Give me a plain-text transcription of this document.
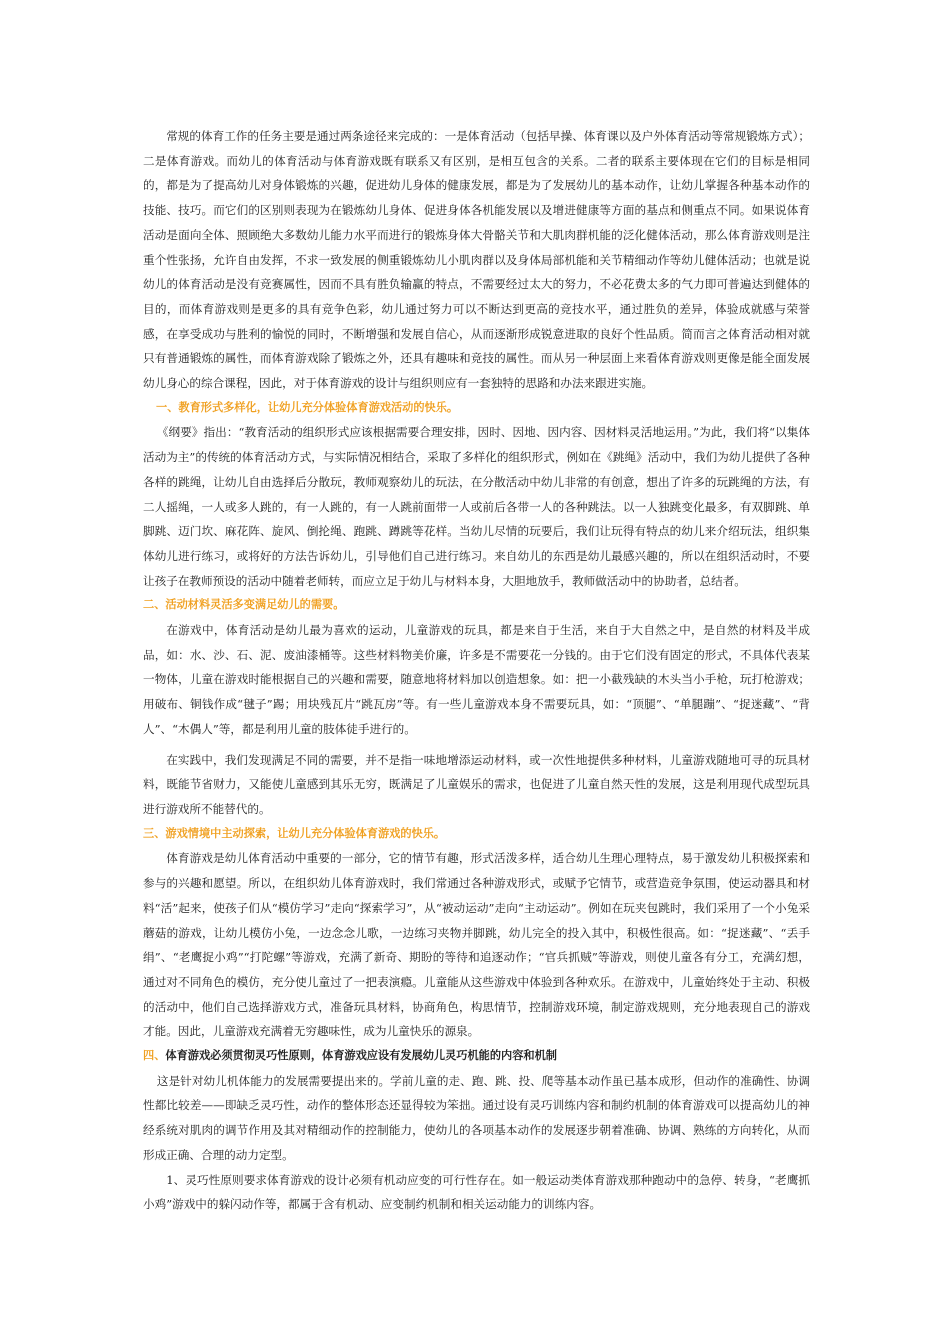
常规的体育工作的任务主要是通过两条途径来完成的：一是体育活动（包括早操、体育课以及户外体育活动等常规锻炼方式）；二是体育游戏。而幼儿的体育活动与体育游戏既有联系又有区别，是相互包含的关系。二者的联系主要体现在它们的目标是相同的，都是为了提高幼儿对身体锻炼的兴趣，促进幼儿身体的健康发展，都是为了发展幼儿的基本动作，让幼儿掌握各种基本动作的技能、技巧。而它们的区别则表现为在锻炼幼儿身体、促进身体各机能发展以及增进健康等方面的基点和侧重点不同。如果说体育活动是面向全体、照顾绝大多数幼儿能力水平而进行的锻炼身体大骨骼关节和大肌肉群机能的泛化健体活动，那么体育游戏则是注重个性张扬，允许自由发挥，不求一致发展的侧重锻炼幼儿小肌肉群以及身体局部机能和关节精细动作等幼儿健体活动；也就是说幼儿的体育活动是没有竞赛属性，因而不具有胜负输赢的特点，不需要经过太大的努力，不必花费太多的气力即可普遍达到健体的目的，而体育游戏则是更多的具有竞争色彩，幼儿通过努力可以不断达到更高的竞技水平，通过胜负的差异，体验成就感与荣誉感，在享受成功与胜利的愉悦的同时，不断增强和发展自信心，从而逐渐形成锐意进取的良好个性品质。简而言之体育活动相对就只有普通锻炼的属性，而体育游戏除了锻炼之外，还具有趣味和竞技的属性。而从另一种层面上来看体育游戏则更像是能全面发展幼儿身心的综合课程，因此，对于体育游戏的设计与组织则应有一套独特的思路和办法来跟进实施。

一、教育形式多样化，让幼儿充分体验体育游戏活动的快乐。

《纲要》指出：“教育活动的组织形式应该根据需要合理安排，因时、因地、因内容、因材料灵活地运用。”为此，我们将“以集体活动为主”的传统的体育活动方式，与实际情况相结合，采取了多样化的组织形式，例如在《跳绳》活动中，我们为幼儿提供了各种各样的跳绳，让幼儿自由选择后分散玩，教师观察幼儿的玩法，在分散活动中幼儿非常的有创意，想出了许多的玩跳绳的方法，有二人摇绳，一人或多人跳的，有一人跳的，有一人跳前面带一人或前后各带一人的各种跳法。以一人独跳变化最多，有双脚跳、单脚跳、迈门坎、麻花阵、旋风、倒抡绳、跑跳、蹲跳等花样。当幼儿尽情的玩要后，我们让玩得有特点的幼儿来介绍玩法，组织集体幼儿进行练习，或将好的方法告诉幼儿，引导他们自己进行练习。来自幼儿的东西是幼儿最感兴趣的，所以在组织活动时，不要让孩子在教师预设的活动中随着老师转，而应立足于幼儿与材料本身，大胆地放手，教师做活动中的协助者，总结者。

二、活动材料灵活多变满足幼儿的需要。

在游戏中，体育活动是幼儿最为喜欢的运动，儿童游戏的玩具，都是来自于生活，来自于大自然之中，是自然的材料及半成品，如：水、沙、石、泥、废油漆桶等。这些材料物美价廉，许多是不需要花一分钱的。由于它们没有固定的形式，不具体代表某一物体，儿童在游戏时能根据自己的兴趣和需要，随意地将材料加以创造想象。如：把一小截残缺的木头当小手枪，玩打枪游戏；用破布、铜钱作成“毽子”踢；用块残瓦片“跳瓦房”等。有一些儿童游戏本身不需要玩具，如：“顶腿”、“单腿蹦”、“捉迷藏”、“背人”、“木偶人”等，都是利用儿童的肢体徒手进行的。

在实践中，我们发现满足不同的需要，并不是指一味地增添运动材料，或一次性地提供多种材料，儿童游戏随地可寻的玩具材料，既能节省财力，又能使儿童感到其乐无穷，既满足了儿童娱乐的需求，也促进了儿童自然天性的发展，这是利用现代成型玩具进行游戏所不能替代的。

三、游戏情境中主动探索，让幼儿充分体验体育游戏的快乐。

体育游戏是幼儿体育活动中重要的一部分，它的情节有趣，形式活泼多样，适合幼儿生理心理特点，易于激发幼儿积极探索和参与的兴趣和愿望。所以，在组织幼儿体育游戏时，我们常通过各种游戏形式，或赋予它情节，或营造竞争氛围，使运动器具和材料“活”起来，使孩子们从“模仿学习”走向“探索学习”，从“被动运动”走向“主动运动”。例如在玩夹包跳时，我们采用了一个小兔采蘑菇的游戏，让幼儿模仿小兔，一边念念儿歌，一边练习夹物并脚跳，幼儿完全的投入其中，积极性很高。如：“捉迷藏”、“丢手绢”、“老鹰捉小鸡”“打陀螺”等游戏，充满了新奇、期盼的等待和追逐动作；“官兵抓贼”等游戏，则使儿童各有分工，充满幻想，通过对不同角色的模仿，充分使儿童过了一把表演瘾。儿童能从这些游戏中体验到各种欢乐。在游戏中，儿童始终处于主动、积极的活动中，他们自己选择游戏方式，准备玩具材料，协商角色，构思情节，控制游戏环境，制定游戏规则，充分地表现自己的游戏才能。因此，儿童游戏充满着无穷趣味性，成为儿童快乐的源泉。

四、体育游戏必须贯彻灵巧性原则，体育游戏应设有发展幼儿灵巧机能的内容和机制

这是针对幼儿机体能力的发展需要提出来的。学前儿童的走、跑、跳、投、爬等基本动作虽已基本成形，但动作的准确性、协调性都比较差——即缺乏灵巧性，动作的整体形态还显得较为笨拙。通过设有灵巧训练内容和制约机制的体育游戏可以提高幼儿的神经系统对肌肉的调节作用及其对精细动作的控制能力，使幼儿的各项基本动作的发展逐步朝着准确、协调、熟练的方向转化，从而形成正确、合理的动力定型。

1、灵巧性原则要求体育游戏的设计必须有机动应变的可行性存在。如一般运动类体育游戏那种跑动中的急停、转身，“老鹰抓小鸡”游戏中的躲闪动作等，都属于含有机动、应变制约机制和相关运动能力的训练内容。
